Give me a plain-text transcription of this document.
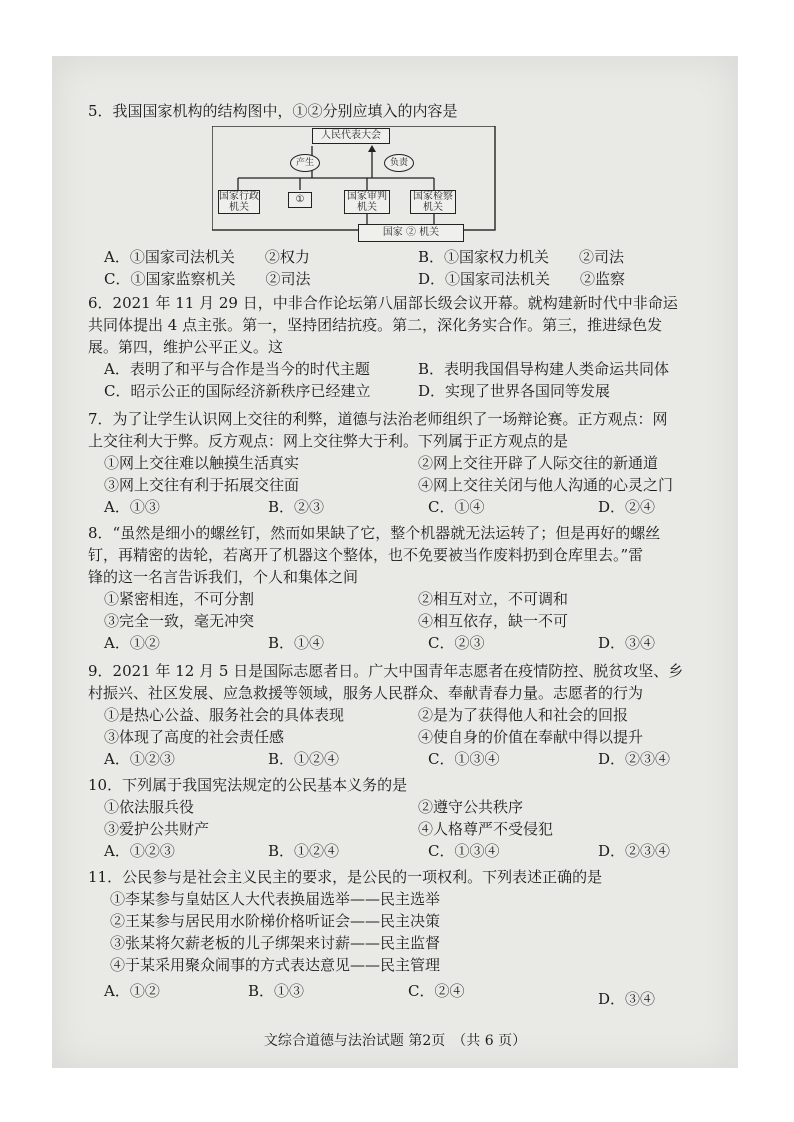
5．我国国家机构的结构图中，①②分别应填入的内容是
人民代表大会
产生	负责
国家行政机关
①	国家审判机关
国家检察机关
国家 ② 机关
A．①国家司法机关　　②权力	B．①国家权力机关　　②司法
C．①国家监察机关　　②司法	D．①国家司法机关　　②监察
6．2021 年 11 月 29 日，中非合作论坛第八届部长级会议开幕。就构建新时代中非命运
共同体提出 4 点主张。第一，坚持团结抗疫。第二，深化务实合作。第三，推进绿色发
展。第四，维护公平正义。这
A．表明了和平与合作是当今的时代主题	B．表明我国倡导构建人类命运共同体
C．昭示公正的国际经济新秩序已经建立	D．实现了世界各国同等发展
7．为了让学生认识网上交往的利弊，道德与法治老师组织了一场辩论赛。正方观点：网
上交往利大于弊。反方观点：网上交往弊大于利。下列属于正方观点的是
①网上交往难以触摸生活真实	②网上交往开辟了人际交往的新通道
③网上交往有利于拓展交往面	④网上交往关闭与他人沟通的心灵之门
A．①③	B．②③	C．①④	D．②④
8．“虽然是细小的螺丝钉，然而如果缺了它，整个机器就无法运转了；但是再好的螺丝
钉，再精密的齿轮，若离开了机器这个整体，也不免要被当作废料扔到仓库里去。”雷
锋的这一名言告诉我们，个人和集体之间
①紧密相连，不可分割	②相互对立，不可调和
③完全一致，毫无冲突	④相互依存，缺一不可
A．①②	B．①④	C．②③	D．③④
9．2021 年 12 月 5 日是国际志愿者日。广大中国青年志愿者在疫情防控、脱贫攻坚、乡
村振兴、社区发展、应急救援等领域，服务人民群众、奉献青春力量。志愿者的行为
①是热心公益、服务社会的具体表现	②是为了获得他人和社会的回报
③体现了高度的社会责任感	④使自身的价值在奉献中得以提升
A．①②③	B．①②④	C．①③④	D．②③④
10．下列属于我国宪法规定的公民基本义务的是
①依法服兵役	②遵守公共秩序
③爱护公共财产	④人格尊严不受侵犯
A．①②③	B．①②④	C．①③④	D．②③④
11．公民参与是社会主义民主的要求，是公民的一项权利。下列表述正确的是
①李某参与皇姑区人大代表换届选举——民主选举
②王某参与居民用水阶梯价格听证会——民主决策
③张某将欠薪老板的儿子绑架来讨薪——民主监督
④于某采用聚众闹事的方式表达意见——民主管理
A．①②	B．①③	C．②④	D．③④
文综合道德与法治试题 第2页　（共 6 页）
